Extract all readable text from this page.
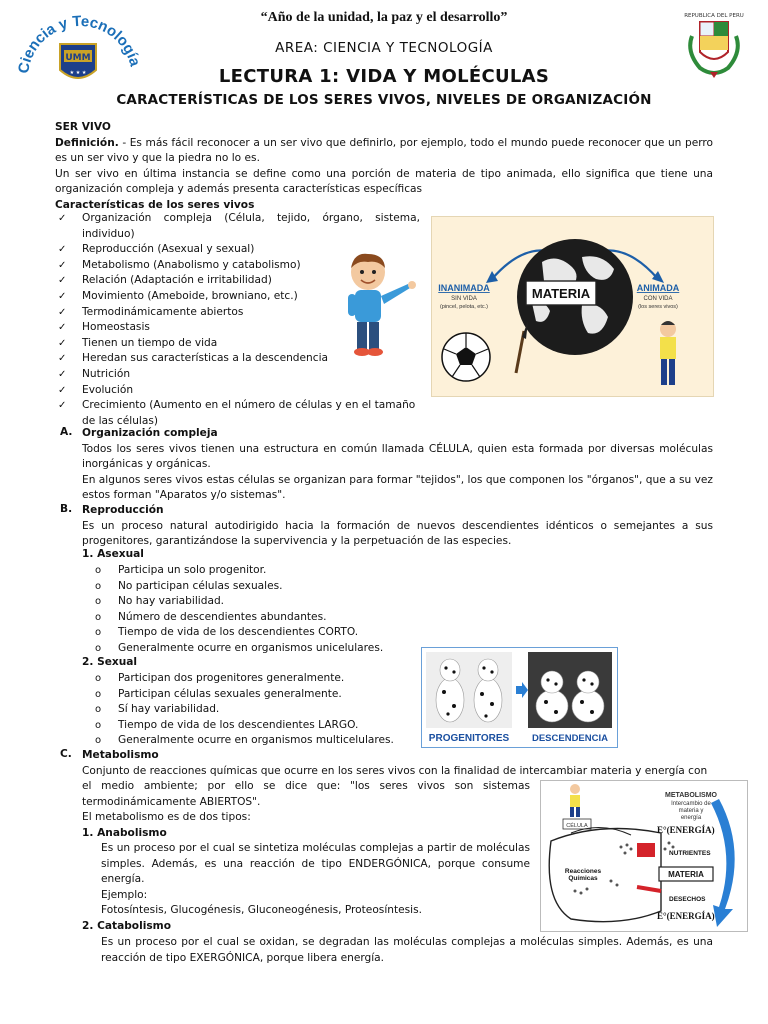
“Año de la unidad, la paz y el desarrollo”
Ciencia y Tecnología
UMM
★ ★ ★
REPUBLICA DEL PERU
AREA: CIENCIA Y TECNOLOGÍA
LECTURA 1: VIDA Y MOLÉCULAS
CARACTERÍSTICAS DE LOS SERES VIVOS, NIVELES DE ORGANIZACIÓN
SER VIVO
Definición. - Es más fácil reconocer a un ser vivo que definirlo, por ejemplo, todo el mundo puede reconocer que un perro es un ser vivo y que la piedra no lo es.
Un ser vivo en última instancia se define como una porción de materia de tipo animada, ello significa que tiene una organización compleja y además presenta características específicas
Características de los seres vivos
✓ Organización compleja (Célula, tejido, órgano, sistema, individuo)
✓ Reproducción (Asexual y sexual)
✓ Metabolismo (Anabolismo y catabolismo)
✓ Relación (Adaptación e irritabilidad)
✓ Movimiento (Ameboide, browniano, etc.)
✓ Termodinámicamente abiertos
✓ Homeostasis
✓ Tienen un tiempo de vida
✓ Heredan sus características a la descendencia
✓ Nutrición
✓ Evolución
✓ Crecimiento (Aumento en el número de células y en el tamaño de las células)
MATERIA
INANIMADA
SIN VIDA
(pincel, pelota, etc.)
ANIMADA
CON VIDA
(los seres vivos)
A. Organización compleja
Todos los seres vivos tienen una estructura en común llamada CÉLULA, quien esta formada por diversas moléculas inorgánicas y orgánicas.
En algunos seres vivos estas células se organizan para formar "tejidos", los que componen los "órganos", que a su vez estos forman "Aparatos y/o sistemas".
B. Reproducción
Es un proceso natural autodirigido hacia la formación de nuevos descendientes idénticos o semejantes a sus progenitores, garantizándose la supervivencia y la perpetuación de las especies.
1. Asexual
o Participa un solo progenitor.
o No participan células sexuales.
o No hay variabilidad.
o Número de descendientes abundantes.
o Tiempo de vida de los descendientes CORTO.
o Generalmente ocurre en organismos unicelulares.
2. Sexual
o Participan dos progenitores generalmente.
o Participan células sexuales generalmente.
o Sí hay variabilidad.
o Tiempo de vida de los descendientes LARGO.
o Generalmente ocurre en organismos multicelulares.	PROGENITORES DESCENDENCIA
C. Metabolismo
Conjunto de reacciones químicas que ocurre en los seres vivos con la finalidad de intercambiar materia y energía con
el medio ambiente; por ello se dice que: "los seres vivos son sistemas
termodinámicamente ABIERTOS".
El metabolismo es de dos tipos:
1. Anabolismo
Es un proceso por el cual se sintetiza moléculas complejas a partir de moléculas
simples. Además, es una reacción de tipo ENDERGÓNICA, porque consume
energía.
Ejemplo:
Fotosíntesis, Glucogénesis, Gluconeogénesis, Proteosíntesis.
2. Catabolismo
Es un proceso por el cual se oxidan, se degradan las moléculas complejas a moléculas simples. Además, es una reacción de tipo EXERGÓNICA, porque libera energía.
METABOLISMO
Intercambio de
materia y
energía
CÉLULA	E°(ENERGÍA)
NUTRIENTES
Reacciones
Químicas	MATERIA
DESECHOS
E°(ENERGÍA)
